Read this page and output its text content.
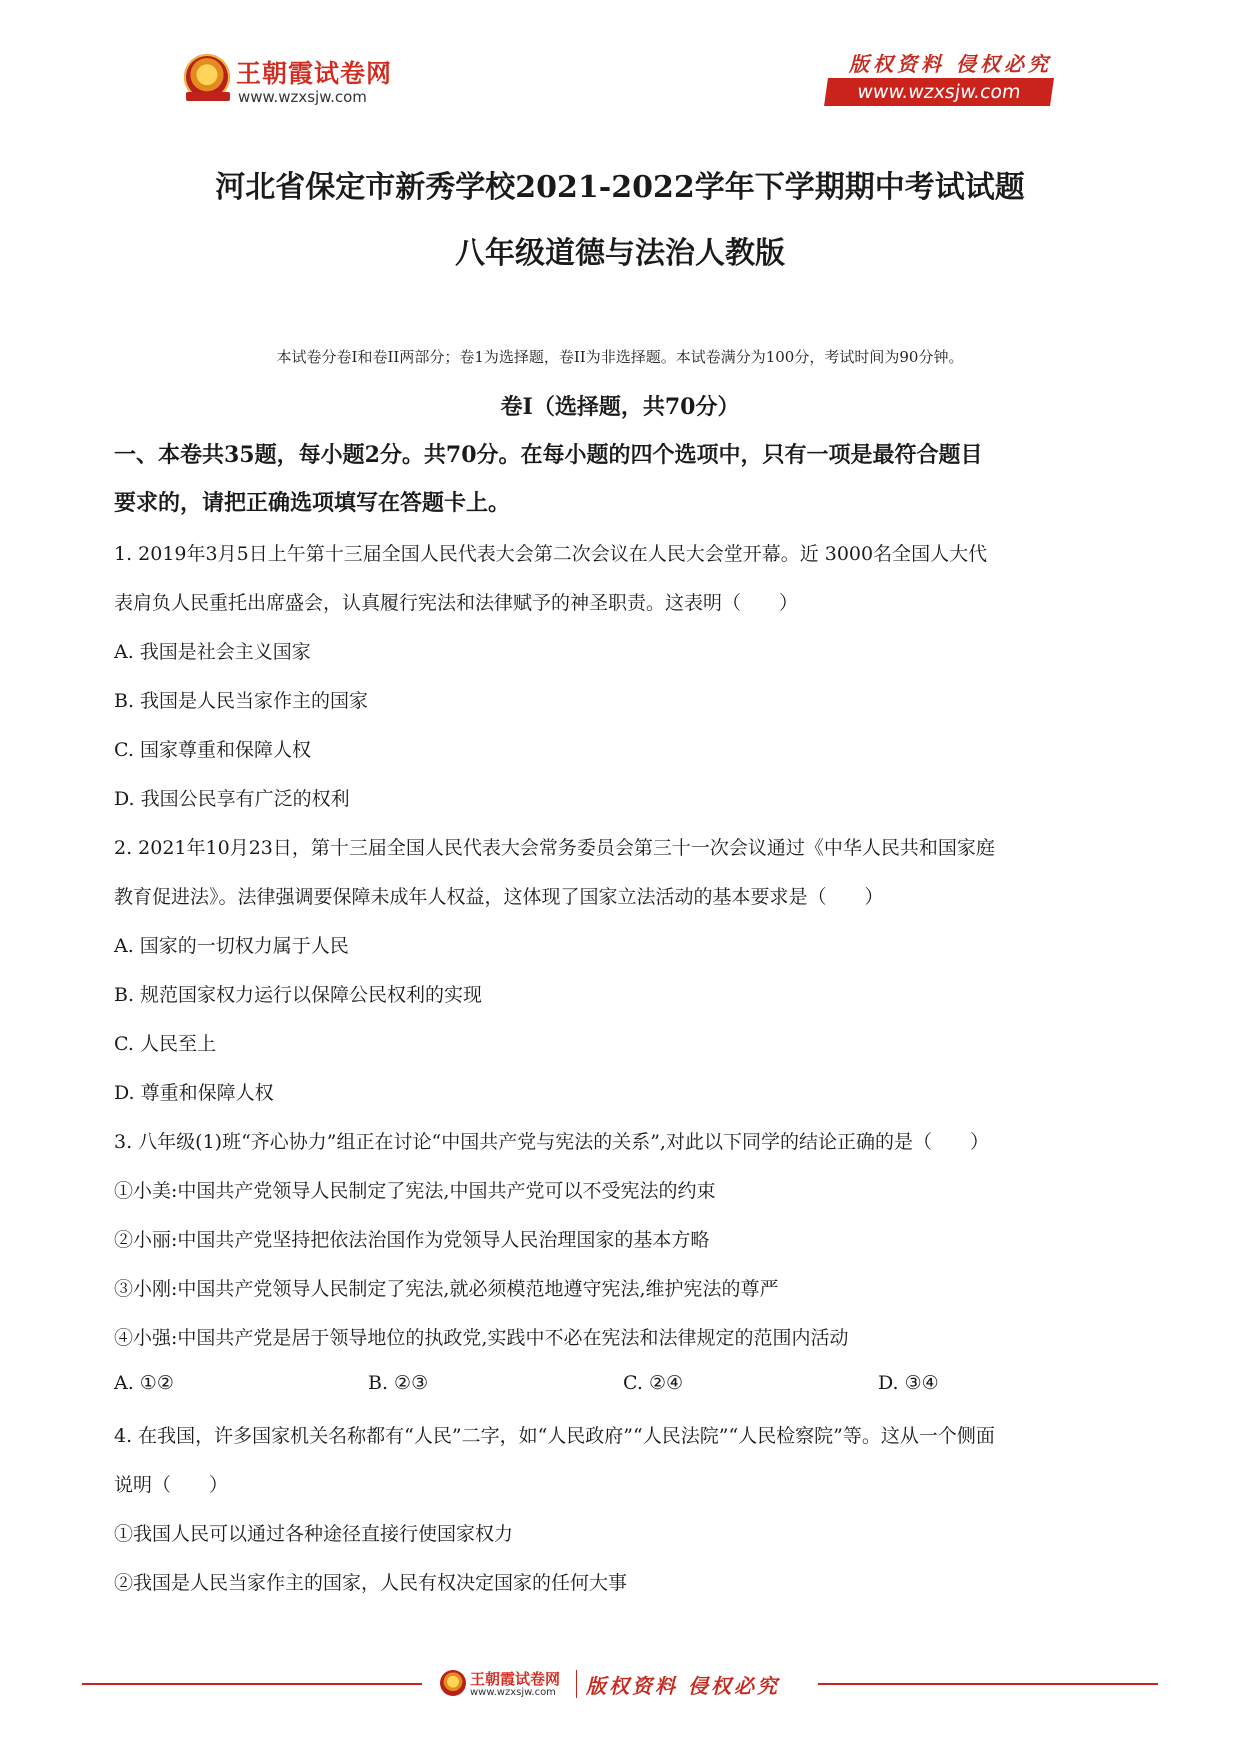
王朝霞试卷网
www.wzxsjw.com
版权资料 侵权必究
www.wzxsjw.com
河北省保定市新秀学校2021-2022学年下学期期中考试试题
八年级道德与法治人教版
本试卷分卷I和卷II两部分；卷1为选择题，卷II为非选择题。本试卷满分为100分，考试时间为90分钟。
卷I（选择题，共70分）
一、本卷共35题，每小题2分。共70分。在每小题的四个选项中，只有一项是最符合题目
要求的，请把正确选项填写在答题卡上。
1. 2019年3月5日上午第十三届全国人民代表大会第二次会议在人民大会堂开幕。近 3000名全国人大代
表肩负人民重托出席盛会，认真履行宪法和法律赋予的神圣职责。这表明（　　）
A. 我国是社会主义国家
B. 我国是人民当家作主的国家
C. 国家尊重和保障人权
D. 我国公民享有广泛的权利
2. 2021年10月23日，第十三届全国人民代表大会常务委员会第三十一次会议通过《中华人民共和国家庭
教育促进法》。法律强调要保障未成年人权益，这体现了国家立法活动的基本要求是（　　）
A. 国家的一切权力属于人民
B. 规范国家权力运行以保障公民权利的实现
C. 人民至上
D. 尊重和保障人权
3. 八年级(1)班“齐心协力”组正在讨论“中国共产党与宪法的关系”,对此以下同学的结论正确的是（　　）
①小美:中国共产党领导人民制定了宪法,中国共产党可以不受宪法的约束
②小丽:中国共产党坚持把依法治国作为党领导人民治理国家的基本方略
③小刚:中国共产党领导人民制定了宪法,就必须模范地遵守宪法,维护宪法的尊严
④小强:中国共产党是居于领导地位的执政党,实践中不必在宪法和法律规定的范围内活动
A. ①②	B. ②③	C. ②④	D. ③④
4. 在我国，许多国家机关名称都有“人民”二字，如“人民政府”“人民法院”“人民检察院”等。这从一个侧面
说明（　　）
①我国人民可以通过各种途径直接行使国家权力
②我国是人民当家作主的国家，人民有权决定国家的任何大事
王朝霞试卷网
www.wzxsjw.com 版权资料 侵权必究
